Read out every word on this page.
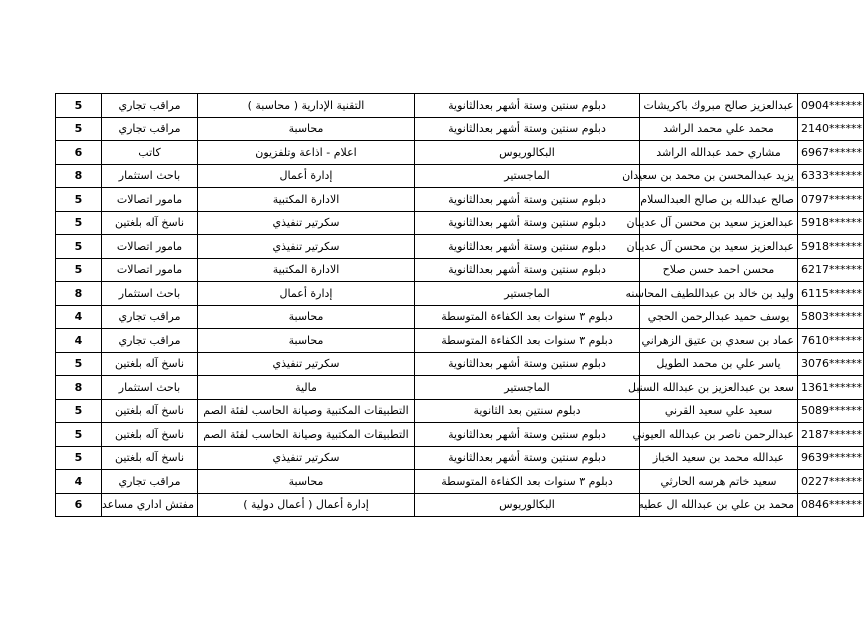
0904******	عبدالعزيز صالح مبروك باكريشات	دبلوم سنتين وستة أشهر بعدالثانوية	التقنية الإدارية ( محاسبة )	مراقب تجاري	5
2140******	محمد علي محمد الراشد	دبلوم سنتين وستة أشهر بعدالثانوية	محاسبة	مراقب تجاري	5
6967******	مشاري حمد عبدالله الراشد	البكالوريوس	اعلام - اذاعة وتلفزيون	كاتب	6
6333******	يزيد عبدالمحسن بن محمد بن سعيدان	الماجستير	إدارة أعمال	باحث استثمار	8
0797******	صالح عبدالله بن صالح العبدالسلام	دبلوم سنتين وستة أشهر بعدالثانوية	الادارة المكتبية	مامور اتصالات	5
5918******	عبدالعزيز سعيد بن محسن آل عدينان	دبلوم سنتين وستة أشهر بعدالثانوية	سكرتير تنفيذي	ناسخ آله بلغتين	5
5918******	عبدالعزيز سعيد بن محسن آل عدينان	دبلوم سنتين وستة أشهر بعدالثانوية	سكرتير تنفيذي	مامور اتصالات	5
6217******	محسن احمد حسن صلاح	دبلوم سنتين وستة أشهر بعدالثانوية	الادارة المكتبية	مامور اتصالات	5
6115******	وليد بن خالد بن عبداللطيف المحاسنه	الماجستير	إدارة أعمال	باحث استثمار	8
5803******	يوسف حميد عبدالرحمن الحجي	دبلوم ٣ سنوات بعد الكفاءة المتوسطة	محاسبة	مراقب تجاري	4
7610******	عماد بن سعدي بن عتيق الزهراني	دبلوم ٣ سنوات بعد الكفاءة المتوسطة	محاسبة	مراقب تجاري	4
3076******	ياسر علي بن محمد الطويل	دبلوم سنتين وستة أشهر بعدالثانوية	سكرتير تنفيذي	ناسخ آله بلغتين	5
1361******	سعد بن عبدالعزيز بن عبدالله السنبل	الماجستير	مالية	باحث استثمار	8
5089******	سعيد علي سعيد القرني	دبلوم سنتين بعد الثانوية	التطبيقات المكتبية وصيانة الحاسب لفئة الصم	ناسخ آله بلغتين	5
2187******	عبدالرحمن ناصر بن عبدالله العيوني	دبلوم سنتين وستة أشهر بعدالثانوية	التطبيقات المكتبية وصيانة الحاسب لفئة الصم	ناسخ آله بلغتين	5
9639******	عبدالله محمد بن سعيد الخباز	دبلوم سنتين وستة أشهر بعدالثانوية	سكرتير تنفيذي	ناسخ آله بلغتين	5
0227******	سعيد خاتم هرسه الحارثي	دبلوم ٣ سنوات بعد الكفاءة المتوسطة	محاسبة	مراقب تجاري	4
0846******	محمد بن علي بن عبدالله ال عطيه	البكالوريوس	إدارة أعمال ( أعمال دولية )	مفتش اداري مساعد	6
